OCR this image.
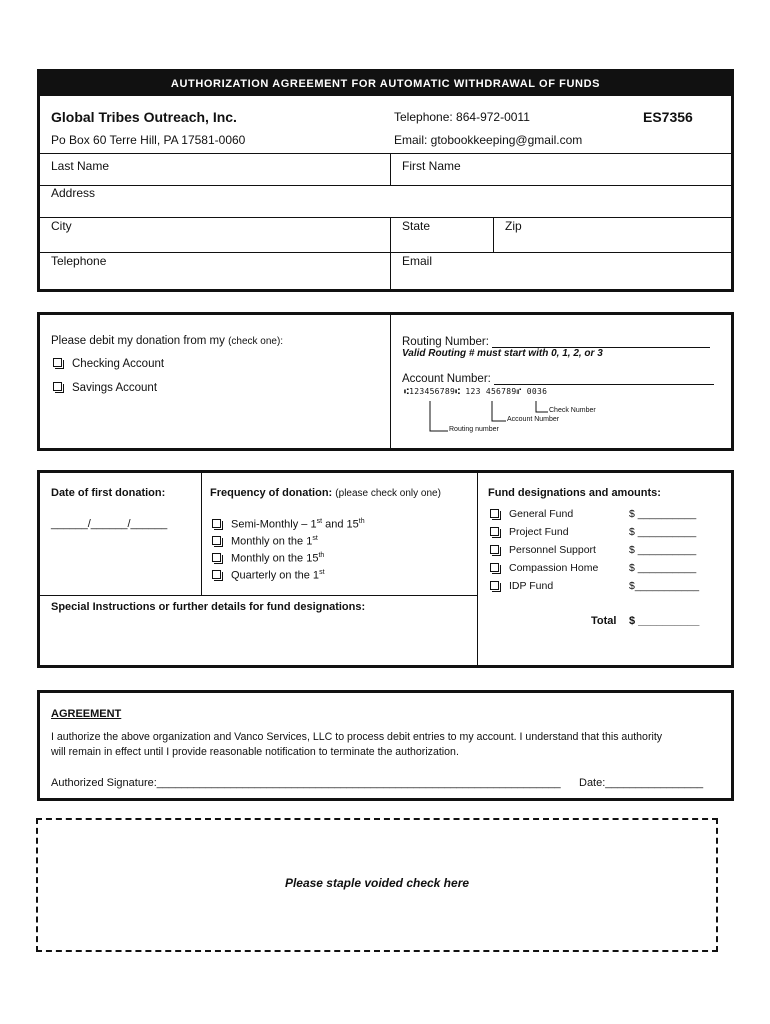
AUTHORIZATION AGREEMENT FOR AUTOMATIC WITHDRAWAL OF FUNDS
Global Tribes Outreach, Inc.
Po Box 60 Terre Hill, PA 17581-0060
Telephone: 864-972-0011
Email: gtobookkeeping@gmail.com
ES7356
Last Name	First Name
Address
City	State	Zip
Telephone	Email
Please debit my donation from my (check one):
Checking Account
Savings Account
Routing Number:
Valid Routing # must start with 0, 1, 2, or 3
Account Number:
⑆123456789⑆ 123 456789⑈ 0036
Check Number
Account Number
Routing number
Date of first donation:
______/______/______
Frequency of donation: (please check only one)
Semi-Monthly – 1st and 15th
Monthly on the 1st
Monthly on the 15th
Quarterly on the 1st
Special Instructions or further details for fund designations:
Fund designations and amounts:
General Fund	$ __________
Project Fund	$ __________
Personnel Support	$ __________
Compassion Home	$ __________
IDP Fund	$___________
Total $ __________
AGREEMENT
I authorize the above organization and Vanco Services, LLC to process debit entries to my account. I understand that this authority
will remain in effect until I provide reasonable notification to terminate the authorization.
Authorized Signature:__________________________________________________________________ Date:________________
Please staple voided check here
